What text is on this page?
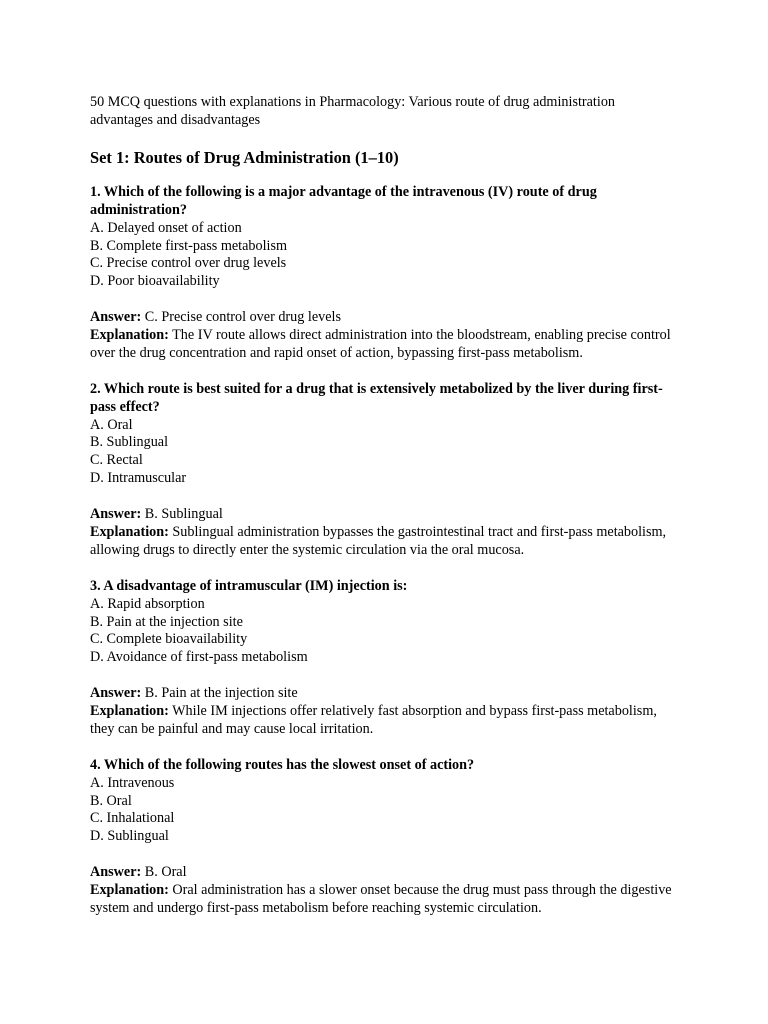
50 MCQ questions with explanations in Pharmacology: Various route of drug administration advantages and disadvantages

Set 1: Routes of Drug Administration (1–10)

1. Which of the following is a major advantage of the intravenous (IV) route of drug administration?

A. Delayed onset of action
B. Complete first-pass metabolism
C. Precise control over drug levels
D. Poor bioavailability

Answer: C. Precise control over drug levels

Explanation: The IV route allows direct administration into the bloodstream, enabling precise control over the drug concentration and rapid onset of action, bypassing first-pass metabolism.

2. Which route is best suited for a drug that is extensively metabolized by the liver during first-pass effect?

A. Oral
B. Sublingual
C. Rectal
D. Intramuscular

Answer: B. Sublingual

Explanation: Sublingual administration bypasses the gastrointestinal tract and first-pass metabolism, allowing drugs to directly enter the systemic circulation via the oral mucosa.

3. A disadvantage of intramuscular (IM) injection is:

A. Rapid absorption
B. Pain at the injection site
C. Complete bioavailability
D. Avoidance of first-pass metabolism

Answer: B. Pain at the injection site

Explanation: While IM injections offer relatively fast absorption and bypass first-pass metabolism, they can be painful and may cause local irritation.

4. Which of the following routes has the slowest onset of action?

A. Intravenous
B. Oral
C. Inhalational
D. Sublingual

Answer: B. Oral

Explanation: Oral administration has a slower onset because the drug must pass through the digestive system and undergo first-pass metabolism before reaching systemic circulation.
